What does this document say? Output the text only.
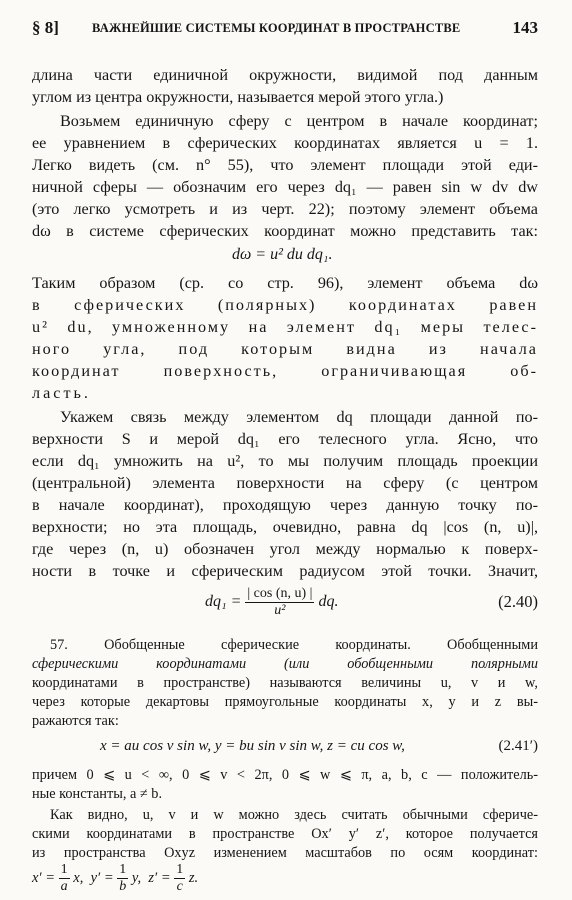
§ 8]	ВАЖНЕЙШИЕ СИСТЕМЫ КООРДИНАТ В ПРОСТРАНСТВЕ	143
длина части единичной окружности, видимой под данным
углом из центра окружности, называется мерой этого угла.)
Возьмем единичную сферу с центром в начале координат;
ее уравнением в сферических координатах является u = 1.
Легко видеть (см. n° 55), что элемент площади этой еди-
ничной сферы — обозначим его через dq₁ — равен sin w dv dw
(это легко усмотреть и из черт. 22); поэтому элемент объема
dω в системе сферических координат можно представить так:
dω = u² du dq₁.
Таким образом (ср. со стр. 96), элемент объема dω
в сферических (полярных) координатах равен
u² du, умноженному на элемент dq₁ меры телес-
ного угла, под которым видна из начала
координат поверхность, ограничивающая об-
ласть.
Укажем связь между элементом dq площади данной по-
верхности S и мерой dq₁ его телесного угла. Ясно, что
если dq₁ умножить на u², то мы получим площадь проекции
(центральной) элемента поверхности на сферу (с центром
в начале координат), проходящую через данную точку по-
верхности; но эта площадь, очевидно, равна dq |cos (n, u)|,
где через (n, u) обозначен угол между нормалью к поверх-
ности в точке и сферическим радиусом этой точки. Значит,
$dq_1 = \frac{| \cos (n, u) |}{\text{u²}}$ dq.	(2.40)
57. Обобщенные сферические координаты. Обобщенными
сферическими координатами (или обобщенными полярными
координатами в пространстве) называются величины u, v и w,
через которые декартовы прямоугольные координаты x, y и z вы-
ражаются так:
x = au cos v sin w, y = bu sin v sin w, z = cu cos w,	(2.41′)
причем 0 ⩽ u < ∞, 0 ⩽ v < 2π, 0 ⩽ w ⩽ π, a, b, c — положитель-
ные константы, a ≠ b.
Как видно, u, v и w можно здесь считать обычными сфериче-
скими координатами в пространстве Ox′ y′ z′, которое получается
из пространства Oxyz изменением масштабов по осям координат:
$x' = \frac{1}{a} x$, $y' = \frac{1}{b} y$, $z' = \frac{1}{c} z$.
